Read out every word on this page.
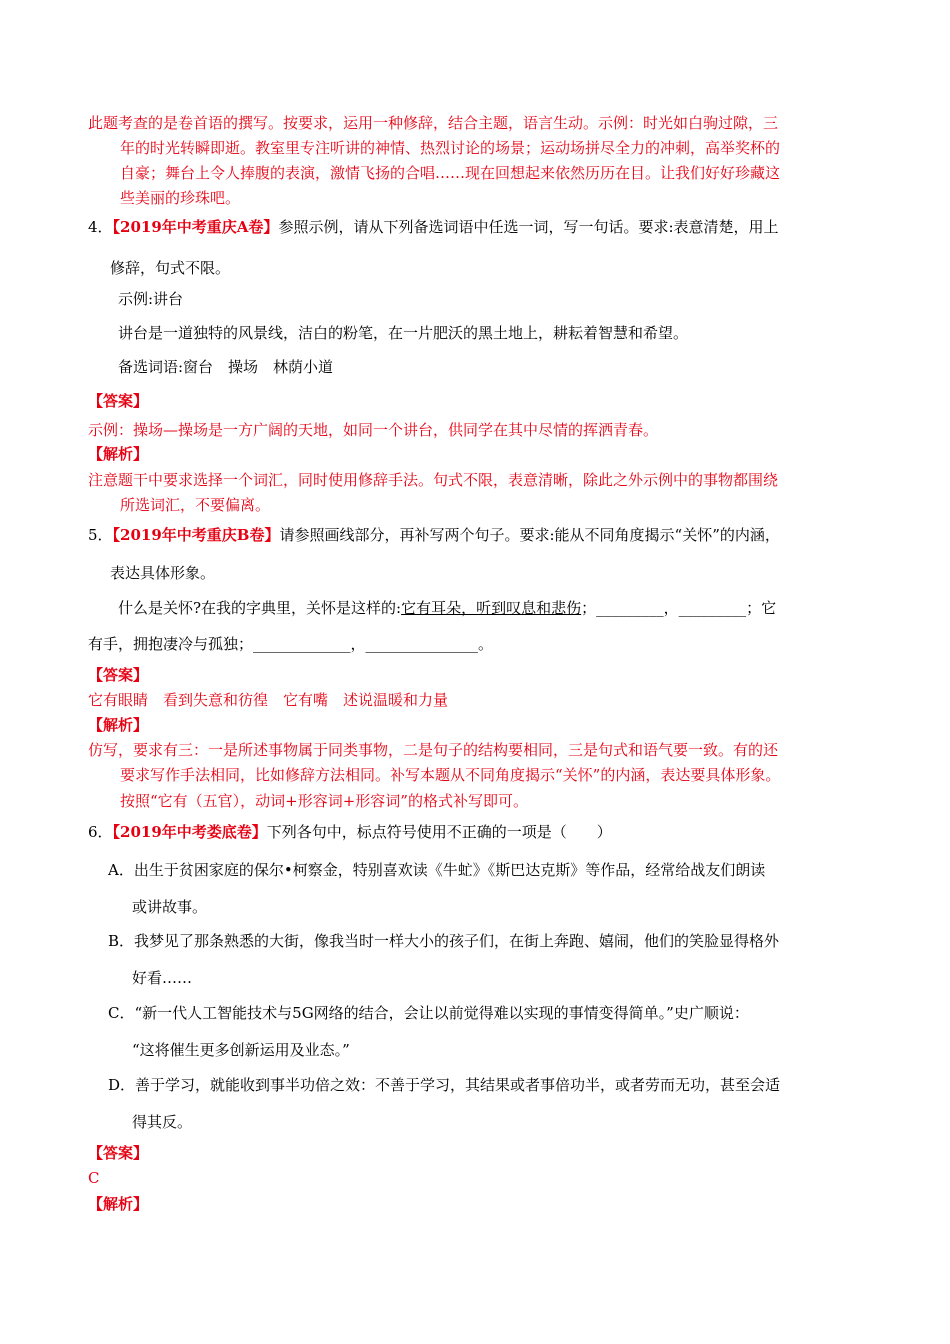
此题考查的是卷首语的撰写。按要求，运用一种修辞，结合主题，语言生动。示例：时光如白驹过隙，三
年的时光转瞬即逝。教室里专注听讲的神情、热烈讨论的场景；运动场拼尽全力的冲刺，高举奖杯的
自豪；舞台上令人捧腹的表演，激情飞扬的合唱……现在回想起来依然历历在目。让我们好好珍藏这
些美丽的珍珠吧。
4．【2019年中考重庆A卷】参照示例，请从下列备选词语中任选一词，写一句话。要求:表意清楚，用上
修辞，句式不限。
示例:讲台
讲台是一道独特的风景线，洁白的粉笔，在一片肥沃的黑土地上，耕耘着智慧和希望。
备选词语:窗台　操场　林荫小道
【答案】
示例：操场—操场是一方广阔的天地，如同一个讲台，供同学在其中尽情的挥洒青春。
【解析】
注意题干中要求选择一个词汇，同时使用修辞手法。句式不限，表意清晰，除此之外示例中的事物都围绕
所选词汇，不要偏离。
5．【2019年中考重庆B卷】请参照画线部分，再补写两个句子。要求:能从不同角度揭示“关怀”的内涵，
表达具体形象。
什么是关怀?在我的字典里，关怀是这样的:它有耳朵，听到叹息和悲伤；_________，_________；它
有手，拥抱凄冷与孤独；_____________，_______________。
【答案】
它有眼睛　看到失意和彷徨　它有嘴　述说温暖和力量
【解析】
仿写，要求有三：一是所述事物属于同类事物，二是句子的结构要相同，三是句式和语气要一致。有的还
要求写作手法相同，比如修辞方法相同。补写本题从不同角度揭示“关怀”的内涵，表达要具体形象。
按照“它有（五官），动词+形容词+形容词”的格式补写即可。
6．【2019年中考娄底卷】下列各句中，标点符号使用不正确的一项是（　　）
A．出生于贫困家庭的保尔•柯察金，特别喜欢读《牛虻》《斯巴达克斯》等作品，经常给战友们朗读
或讲故事。
B．我梦见了那条熟悉的大街，像我当时一样大小的孩子们，在街上奔跑、嬉闹，他们的笑脸显得格外
好看……
C．“新一代人工智能技术与5G网络的结合，会让以前觉得难以实现的事情变得简单。”史广顺说：
“这将催生更多创新运用及业态。”
D．善于学习，就能收到事半功倍之效：不善于学习，其结果或者事倍功半，或者劳而无功，甚至会适
得其反。
【答案】
C
【解析】
